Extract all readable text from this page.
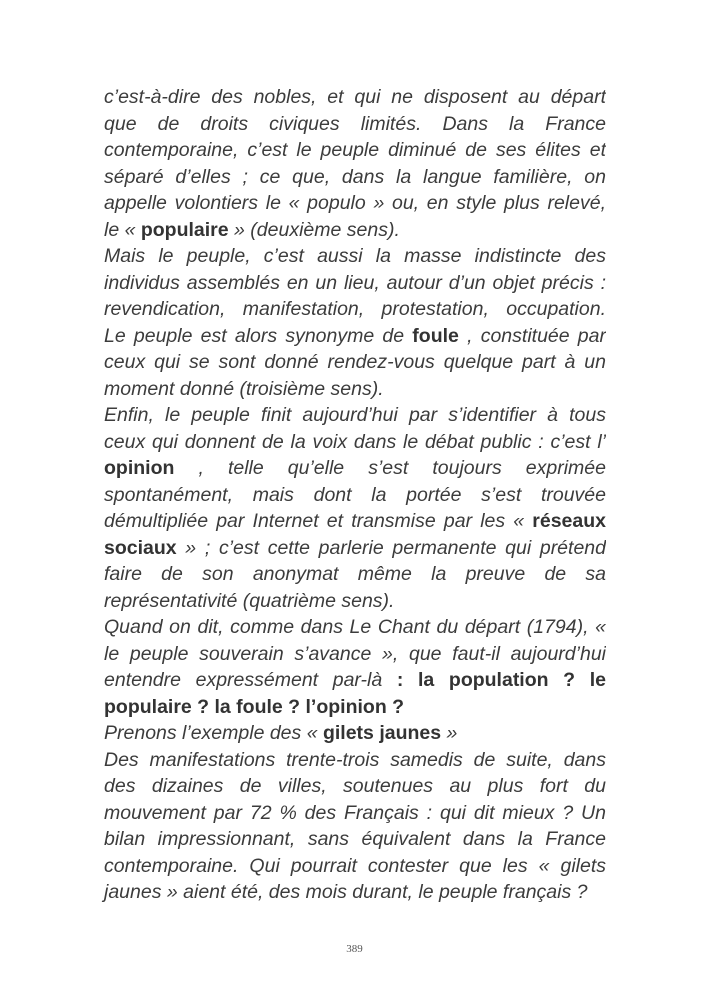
c’est-à-dire des nobles, et qui ne disposent au départ
que de droits civiques limités. Dans la France
contemporaine, c’est le peuple diminué de ses élites et
séparé d’elles ; ce que, dans la langue familière, on
appelle volontiers le « populo » ou, en style plus relevé,
le « populaire » (deuxième sens).
Mais le peuple, c’est aussi la masse indistincte des
individus assemblés en un lieu, autour d’un objet précis :
revendication, manifestation, protestation, occupation.
Le peuple est alors synonyme de foule , constituée par
ceux qui se sont donné rendez-vous quelque part à un
moment donné (troisième sens).
Enfin, le peuple finit aujourd’hui par s’identifier à tous
ceux qui donnent de la voix dans le débat public : c’est l’
opinion , telle qu’elle s’est toujours exprimée
spontanément, mais dont la portée s’est trouvée
démultipliée par Internet et transmise par les « réseaux
sociaux » ; c’est cette parlerie permanente qui prétend
faire de son anonymat même la preuve de sa
représentativité (quatrième sens).
Quand on dit, comme dans Le Chant du départ (1794), «
le peuple souverain s’avance », que faut-il aujourd’hui
entendre expressément par-là : la population ? le
populaire ? la foule ? l’opinion ?
Prenons l’exemple des « gilets jaunes »
Des manifestations trente-trois samedis de suite, dans
des dizaines de villes, soutenues au plus fort du
mouvement par 72 % des Français : qui dit mieux ? Un
bilan impressionnant, sans équivalent dans la France
contemporaine. Qui pourrait contester que les « gilets
jaunes » aient été, des mois durant, le peuple français ?
389
